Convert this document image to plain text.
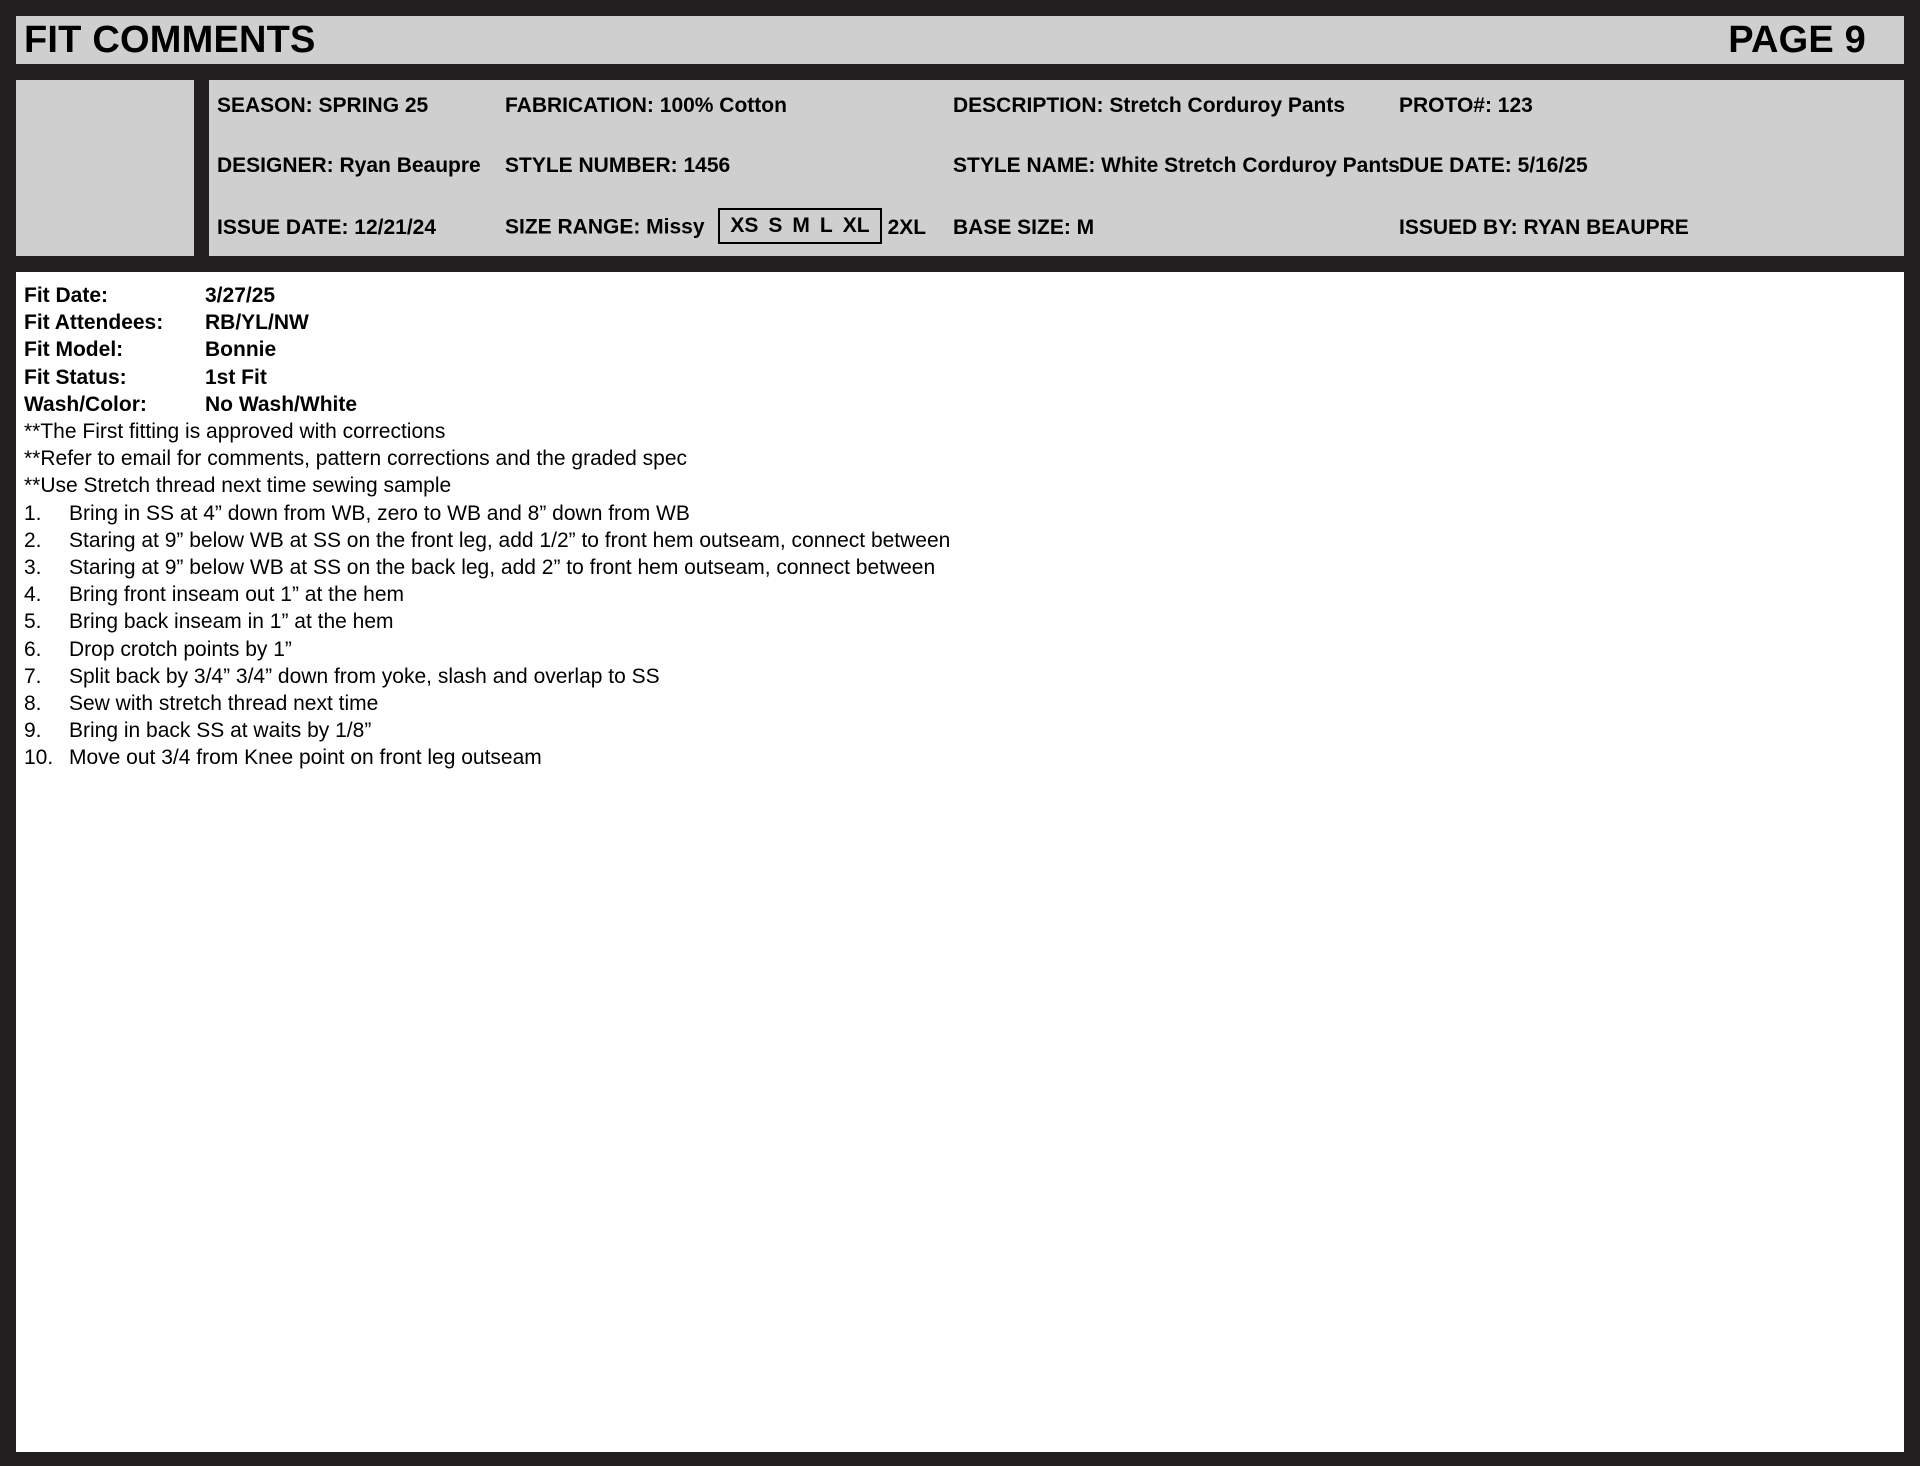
FIT COMMENTS	PAGE 9
SEASON: SPRING 25	FABRICATION: 100% Cotton	DESCRIPTION: Stretch Corduroy Pants	PROTO#: 123
DESIGNER: Ryan Beaupre STYLE NUMBER: 1456	STYLE NAME: White Stretch Corduroy Pants DUE DATE: 5/16/25
ISSUE DATE: 12/21/24	SIZE RANGE: Missy XS S M L XL 2XL BASE SIZE: M	ISSUED BY: RYAN BEAUPRE
Fit Date:	3/27/25
Fit Attendees:	RB/YL/NW
Fit Model:	Bonnie
Fit Status:	1st Fit
Wash/Color:	No Wash/White
**The First fitting is approved with corrections
**Refer to email for comments, pattern corrections and the graded spec
**Use Stretch thread next time sewing sample
1.	Bring in SS at 4” down from WB, zero to WB and 8” down from WB
2.	Staring at 9” below WB at SS on the front leg, add 1/2” to front hem outseam, connect between
3.	Staring at 9” below WB at SS on the back leg, add 2” to front hem outseam, connect between
4.	Bring front inseam out 1” at the hem
5.	Bring back inseam in 1” at the hem
6.	Drop crotch points by 1”
7.	Split back by 3/4” 3/4” down from yoke, slash and overlap to SS
8.	Sew with stretch thread next time
9.	Bring in back SS at waits by 1/8”
10. Move out 3/4 from Knee point on front leg outseam
